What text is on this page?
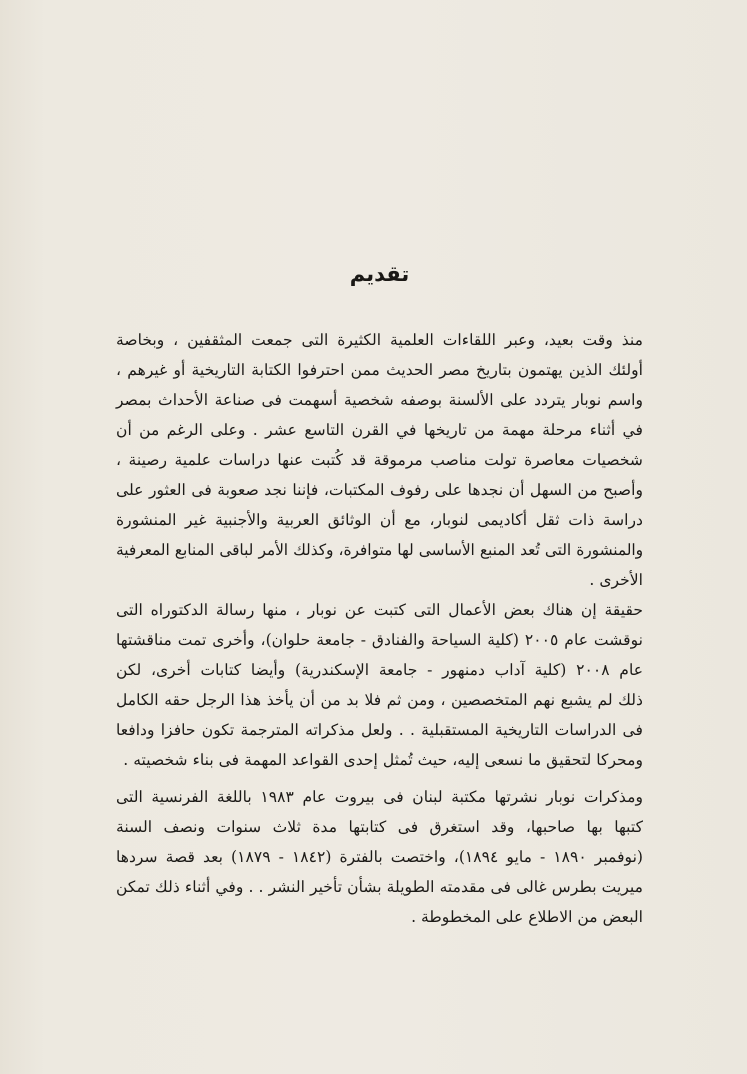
تقديم
منذ وقت بعيد، وعبر اللقاءات العلمية الكثيرة التى جمعت المثقفين ، وبخاصة
أولئك الذين يهتمون بتاريخ مصر الحديث ممن احترفوا الكتابة التاريخية أو غيرهم ،
واسم نوبار يتردد على الألسنة بوصفه شخصية أسهمت فى صناعة الأحداث بمصر
في أثناء مرحلة مهمة من تاريخها في القرن التاسع عشر . وعلى الرغم من أن
شخصيات معاصرة تولت مناصب مرموقة قد كُتبت عنها دراسات علمية رصينة ،
وأصبح من السهل أن نجدها على رفوف المكتبات، فإننا نجد صعوبة فى العثور على
دراسة ذات ثقل أكاديمى لنوبار، مع أن الوثائق العربية والأجنبية غير المنشورة
والمنشورة التى تُعد المنبع الأساسى لها متوافرة، وكذلك الأمر لباقى المنابع المعرفية
الأخرى .
حقيقة إن هناك بعض الأعمال التى كتبت عن نوبار ، منها رسالة الدكتوراه التى
نوقشت عام ٢٠٠٥ (كلية السياحة والفنادق - جامعة حلوان)، وأخرى تمت مناقشتها
عام ٢٠٠٨ (كلية آداب دمنهور - جامعة الإسكندرية) وأيضا كتابات أخرى، لكن
ذلك لم يشبع نهم المتخصصين ، ومن ثم فلا بد من أن يأخذ هذا الرجل حقه الكامل
فى الدراسات التاريخية المستقبلية . . ولعل مذكراته المترجمة تكون حافزا ودافعا
ومحركا لتحقيق ما نسعى إليه، حيث تُمثل إحدى القواعد المهمة فى بناء شخصيته .
ومذكرات نوبار نشرتها مكتبة لبنان فى بيروت عام ١٩٨٣ باللغة الفرنسية التى
كتبها بها صاحبها، وقد استغرق فى كتابتها مدة ثلاث سنوات ونصف السنة
(نوفمبر ١٨٩٠ - مايو ١٨٩٤)، واختصت بالفترة (١٨٤٢ - ١٨٧٩) بعد قصة سردها
ميريت بطرس غالى فى مقدمته الطويلة بشأن تأخير النشر . . وفي أثناء ذلك تمكن
البعض من الاطلاع على المخطوطة .
